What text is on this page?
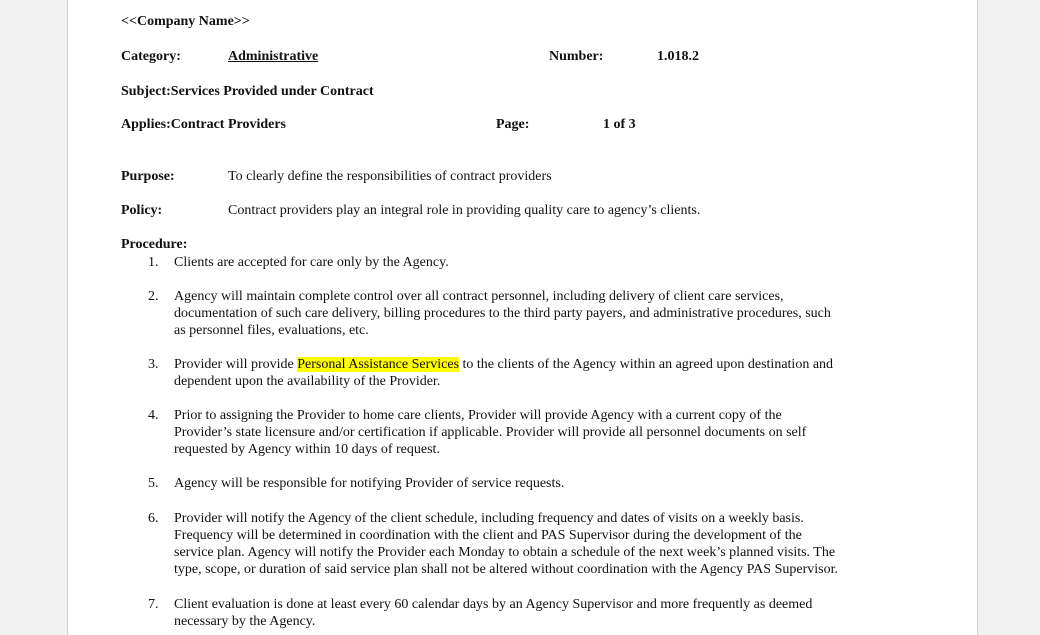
<<Company Name>>
Category:	Administrative	Number:	1.018.2
Subject:Services Provided under Contract
Applies:Contract Providers	Page:	1 of 3
Purpose:	To clearly define the responsibilities of contract providers
Policy:	Contract providers play an integral role in providing quality care to agency’s clients.
Procedure:
1. Clients are accepted for care only by the Agency.
2. Agency will maintain complete control over all contract personnel, including delivery of client care services,
documentation of such care delivery, billing procedures to the third party payers, and administrative procedures, such
as personnel files, evaluations, etc.
3. Provider will provide Personal Assistance Services to the clients of the Agency within an agreed upon destination and
dependent upon the availability of the Provider.
4. Prior to assigning the Provider to home care clients, Provider will provide Agency with a current copy of the
Provider’s state licensure and/or certification if applicable. Provider will provide all personnel documents on self
requested by Agency within 10 days of request.
5. Agency will be responsible for notifying Provider of service requests.
6. Provider will notify the Agency of the client schedule, including frequency and dates of visits on a weekly basis.
Frequency will be determined in coordination with the client and PAS Supervisor during the development of the
service plan. Agency will notify the Provider each Monday to obtain a schedule of the next week’s planned visits. The
type, scope, or duration of said service plan shall not be altered without coordination with the Agency PAS Supervisor.
7. Client evaluation is done at least every 60 calendar days by an Agency Supervisor and more frequently as deemed
necessary by the Agency.
